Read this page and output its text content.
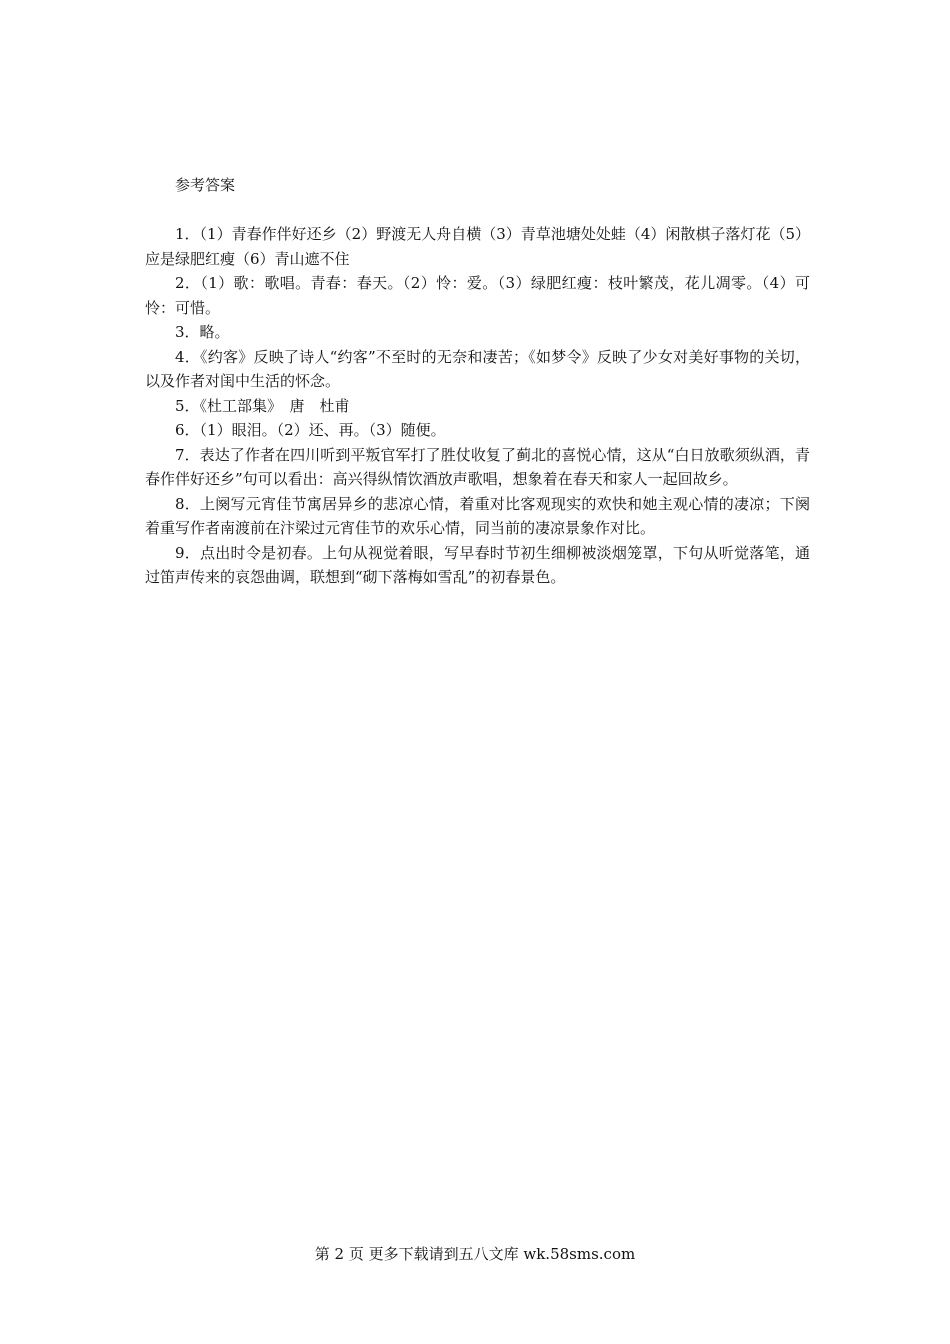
参考答案

1．（1）青春作伴好还乡（2）野渡无人舟自横（3）青草池塘处处蛙（4）闲散棋子落灯花（5）应是绿肥红瘦（6）青山遮不住

2．（1）歌：歌唱。青春：春天。（2）怜：爱。（3）绿肥红瘦：枝叶繁茂，花儿凋零。（4）可怜：可惜。

3．略。

4．《约客》反映了诗人“约客”不至时的无奈和凄苦；《如梦令》反映了少女对美好事物的关切，以及作者对闺中生活的怀念。

5．《杜工部集》　唐　杜甫

6．（1）眼泪。（2）还、再。（3）随便。

7．表达了作者在四川听到平叛官军打了胜仗收复了蓟北的喜悦心情，这从“白日放歌须纵酒，青春作伴好还乡”句可以看出：高兴得纵情饮酒放声歌唱，想象着在春天和家人一起回故乡。

8．上阕写元宵佳节寓居异乡的悲凉心情，着重对比客观现实的欢快和她主观心情的凄凉；下阕着重写作者南渡前在汴梁过元宵佳节的欢乐心情，同当前的凄凉景象作对比。

9．点出时令是初春。上句从视觉着眼，写早春时节初生细柳被淡烟笼罩，下句从听觉落笔，通过笛声传来的哀怨曲调，联想到“砌下落梅如雪乱”的初春景色。

第 2 页 更多下载请到五八文库 wk.58sms.com
